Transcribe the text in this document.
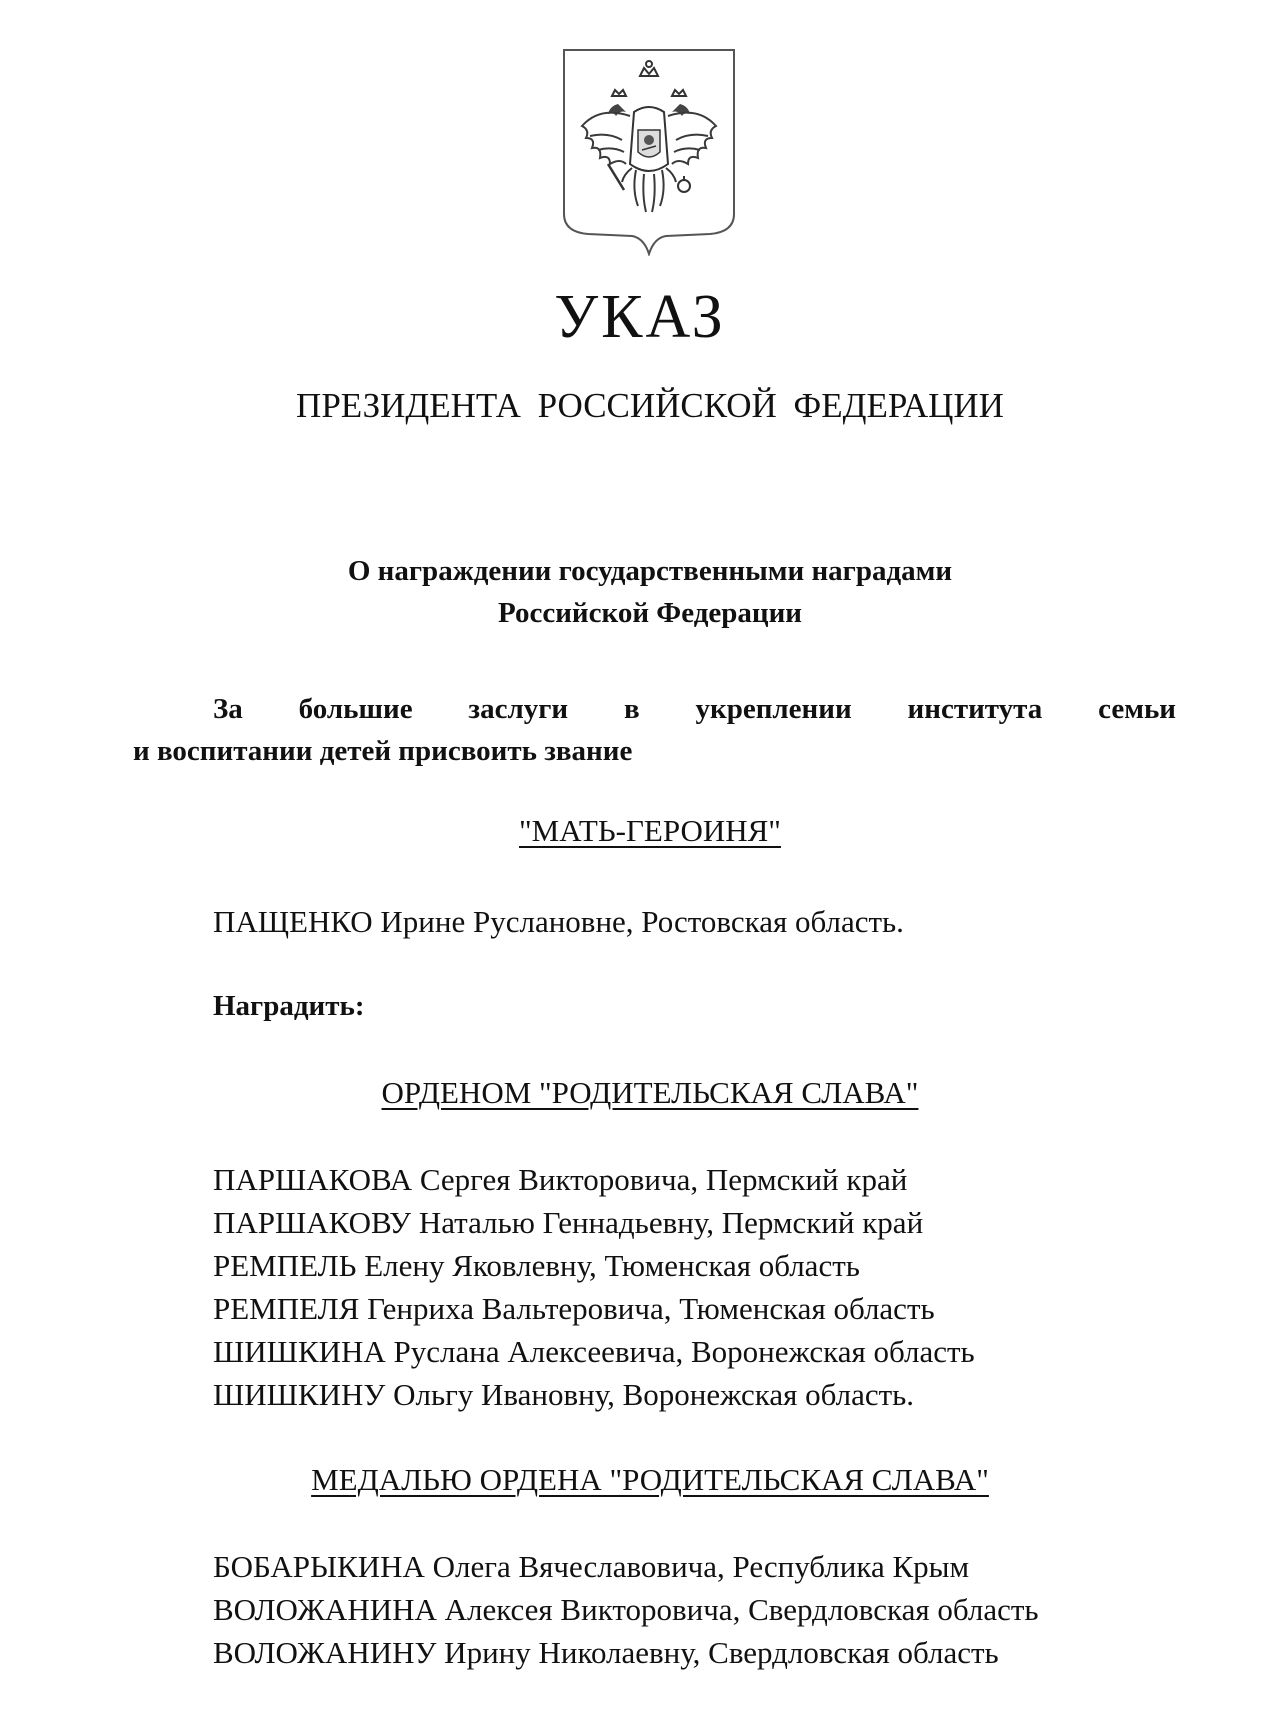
УКАЗ
ПРЕЗИДЕНТА РОССИЙСКОЙ ФЕДЕРАЦИИ
О награждении государственными наградами
Российской Федерации
За большие заслуги в укреплении института семьи
и воспитании детей присвоить звание
"МАТЬ-ГЕРОИНЯ"
ПАЩЕНКО Ирине Руслановне, Ростовская область.
Наградить:
ОРДЕНОМ "РОДИТЕЛЬСКАЯ СЛАВА"
ПАРШАКОВА Сергея Викторовича, Пермский край
ПАРШАКОВУ Наталью Геннадьевну, Пермский край
РЕМПЕЛЬ Елену Яковлевну, Тюменская область
РЕМПЕЛЯ Генриха Вальтеровича, Тюменская область
ШИШКИНА Руслана Алексеевича, Воронежская область
ШИШКИНУ Ольгу Ивановну, Воронежская область.
МЕДАЛЬЮ ОРДЕНА "РОДИТЕЛЬСКАЯ СЛАВА"
БОБАРЫКИНА Олега Вячеславовича, Республика Крым
ВОЛОЖАНИНА Алексея Викторовича, Свердловская область
ВОЛОЖАНИНУ Ирину Николаевну, Свердловская область
